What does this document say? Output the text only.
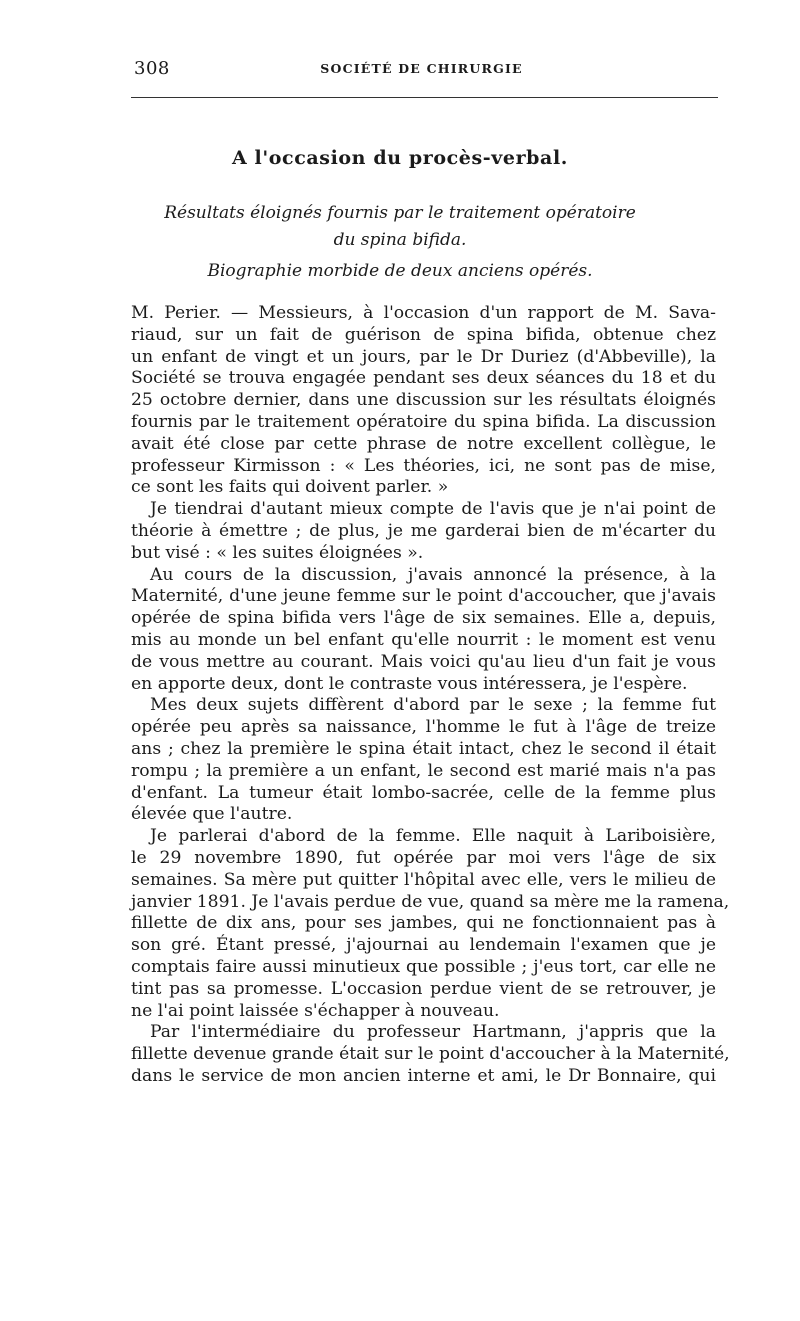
308	SOCIÉTÉ DE CHIRURGIE
A l'occasion du procès-verbal.
Résultats éloignés fournis par le traitement opératoire
du spina bifida.
Biographie morbide de deux anciens opérés.
M. Perier. — Messieurs, à l'occasion d'un rapport de M. Sava-
riaud, sur un fait de guérison de spina bifida, obtenue chez
un enfant de vingt et un jours, par le Dr Duriez (d'Abbeville), la
Société se trouva engagée pendant ses deux séances du 18 et du
25 octobre dernier, dans une discussion sur les résultats éloignés
fournis par le traitement opératoire du spina bifida. La discussion
avait été close par cette phrase de notre excellent collègue, le
professeur Kirmisson : « Les théories, ici, ne sont pas de mise,
ce sont les faits qui doivent parler. »
Je tiendrai d'autant mieux compte de l'avis que je n'ai point de
théorie à émettre ; de plus, je me garderai bien de m'écarter du
but visé : « les suites éloignées ».
Au cours de la discussion, j'avais annoncé la présence, à la
Maternité, d'une jeune femme sur le point d'accoucher, que j'avais
opérée de spina bifida vers l'âge de six semaines. Elle a, depuis,
mis au monde un bel enfant qu'elle nourrit : le moment est venu
de vous mettre au courant. Mais voici qu'au lieu d'un fait je vous
en apporte deux, dont le contraste vous intéressera, je l'espère.
Mes deux sujets diffèrent d'abord par le sexe ; la femme fut
opérée peu après sa naissance, l'homme le fut à l'âge de treize
ans ; chez la première le spina était intact, chez le second il était
rompu ; la première a un enfant, le second est marié mais n'a pas
d'enfant. La tumeur était lombo-sacrée, celle de la femme plus
élevée que l'autre.
Je parlerai d'abord de la femme. Elle naquit à Lariboisière,
le 29 novembre 1890, fut opérée par moi vers l'âge de six
semaines. Sa mère put quitter l'hôpital avec elle, vers le milieu de
janvier 1891. Je l'avais perdue de vue, quand sa mère me la ramena,
fillette de dix ans, pour ses jambes, qui ne fonctionnaient pas à
son gré. Étant pressé, j'ajournai au lendemain l'examen que je
comptais faire aussi minutieux que possible ; j'eus tort, car elle ne
tint pas sa promesse. L'occasion perdue vient de se retrouver, je
ne l'ai point laissée s'échapper à nouveau.
Par l'intermédiaire du professeur Hartmann, j'appris que la
fillette devenue grande était sur le point d'accoucher à la Maternité,
dans le service de mon ancien interne et ami, le Dr Bonnaire, qui
